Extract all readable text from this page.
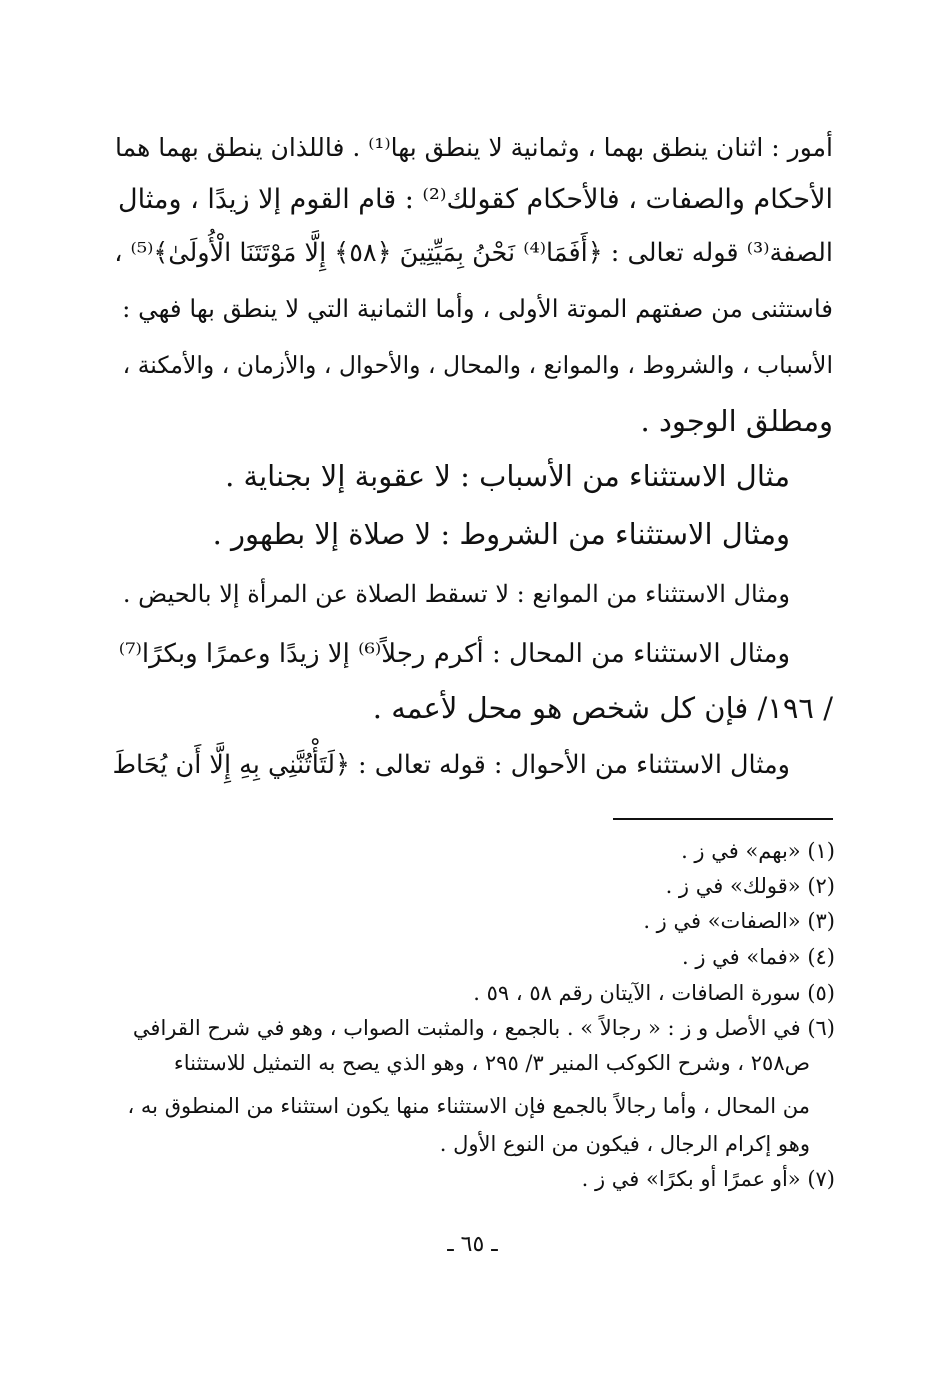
أمور : اثنان ينطق بهما ، وثمانية لا ينطق بها⁽¹⁾ . فاللذان ينطق بهما هما
الأحكام والصفات ، فالأحكام كقولك⁽²⁾ : قام القوم إلا زيدًا ، ومثال
الصفة⁽³⁾ قوله تعالى : ﴿أَفَمَا⁽⁴⁾ نَحْنُ بِمَيِّتِينَ ﴿٥٨﴾ إِلَّا مَوْتَتَنَا الْأُولَىٰ﴾⁽⁵⁾ ،
فاستثنى من صفتهم الموتة الأولى ، وأما الثمانية التي لا ينطق بها فهي :
الأسباب ، والشروط ، والموانع ، والمحال ، والأحوال ، والأزمان ، والأمكنة ،
ومطلق الوجود .
مثال الاستثناء من الأسباب : لا عقوبة إلا بجناية .
ومثال الاستثناء من الشروط : لا صلاة إلا بطهور .
ومثال الاستثناء من الموانع : لا تسقط الصلاة عن المرأة إلا بالحيض .
ومثال الاستثناء من المحال : أكرم رجلاً⁽⁶⁾ إلا زيدًا وعمرًا وبكرًا⁽⁷⁾
/ ١٩٦/ فإن كل شخص هو محل لأعمه .
ومثال الاستثناء من الأحوال : قوله تعالى : ﴿لَتَأْتُنَّنِي بِهِ إِلَّا أَن يُحَاطَ
(١) «بهم» في ز .
(٢) «قولك» في ز .
(٣) «الصفات» في ز .
(٤) «فما» في ز .
(٥) سورة الصافات ، الآيتان رقم ٥٨ ، ٥٩ .
(٦) في الأصل و ز : « رجالاً » . بالجمع ، والمثبت الصواب ، وهو في شرح القرافي
ص٢٥٨ ، وشرح الكوكب المنير ٣/ ٢٩٥ ، وهو الذي يصح به التمثيل للاستثناء
من المحال ، وأما رجالاً بالجمع فإن الاستثناء منها يكون استثناء من المنطوق به ،
وهو إكرام الرجال ، فيكون من النوع الأول .
(٧) «أو عمرًا أو بكرًا» في ز .
ـ ٦٥ ـ
